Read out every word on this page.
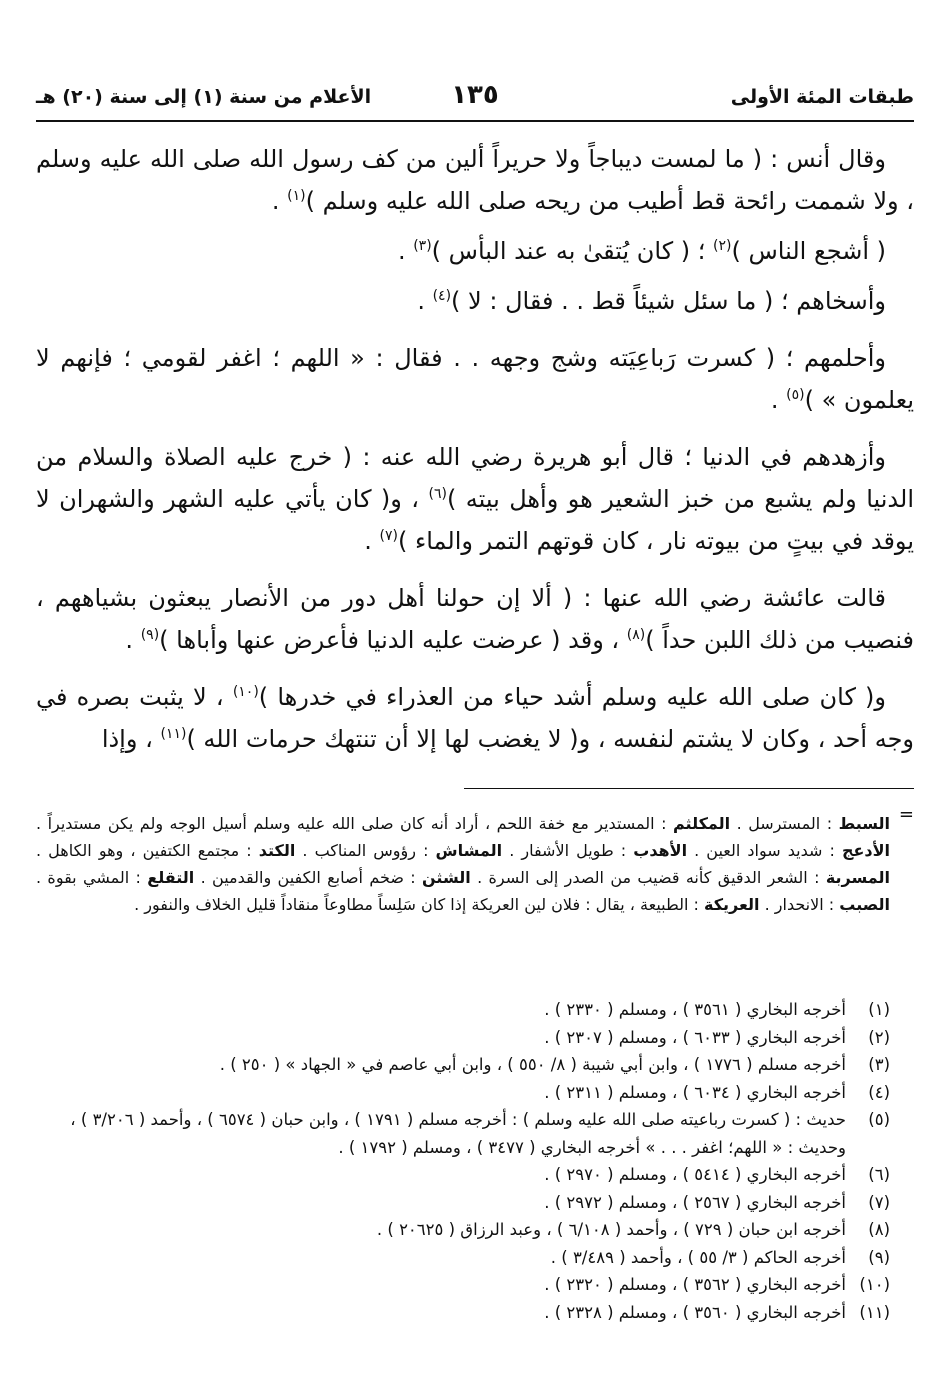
طبقات المئة الأولى
١٣٥
الأعلام من سنة (١) إلى سنة (٢٠) هـ

وقال أنس : ( ما لمست ديباجاً ولا حريراً ألين من كف رسول الله صلى الله عليه وسلم ، ولا شممت رائحة قط أطيب من ريحه صلى الله عليه وسلم )$^{(١)}$ .

( أشجع الناس )$^{(٢)}$ ؛ ( كان يُتقىٰ به عند البأس )$^{(٣)}$ .

وأسخاهم ؛ ( ما سئل شيئاً قط . . فقال : لا )$^{(٤)}$ .

وأحلمهم ؛ ( كسرت رَباعِيَته وشج وجهه . . فقال : « اللهم ؛ اغفر لقومي ؛ فإنهم لا يعلمون » )$^{(٥)}$ .

وأزهدهم في الدنيا ؛ قال أبو هريرة رضي الله عنه : ( خرج عليه الصلاة والسلام من الدنيا ولم يشبع من خبز الشعير هو وأهل بيته )$^{(٦)}$ ، و( كان يأتي عليه الشهر والشهران لا يوقد في بيتٍ من بيوته نار ، كان قوتهم التمر والماء )$^{(٧)}$ .

قالت عائشة رضي الله عنها : ( ألا إن حولنا أهل دور من الأنصار يبعثون بشياههم ، فنصيب من ذلك اللبن حداً )$^{(٨)}$ ، وقد ( عرضت عليه الدنيا فأعرض عنها وأباها )$^{(٩)}$ .

و( كان صلى الله عليه وسلم أشد حياء من العذراء في خدرها )$^{(١٠)}$ ، لا يثبت بصره في وجه أحد ، وكان لا يشتم لنفسه ، و( لا يغضب لها إلا أن تنتهك حرمات الله )$^{(١١)}$ ، وإذا

=
السبط : المسترسل . المكلثم : المستدير مع خفة اللحم ، أراد أنه كان صلى الله عليه وسلم أسيل الوجه ولم يكن مستديراً . الأدعج : شديد سواد العين . الأهدب : طويل الأشفار . المشاش : رؤوس المناكب . الكتد : مجتمع الكتفين ، وهو الكاهل . المسربة : الشعر الدقيق كأنه قضيب من الصدر إلى السرة . الشثن : ضخم أصابع الكفين والقدمين . التقلع : المشي بقوة . الصبب : الانحدار . العريكة : الطبيعة ، يقال : فلان لين العريكة إذا كان سَلِساً مطاوعاً منقاداً قليل الخلاف والنفور .

(١)
أخرجه البخاري ( ٣٥٦١ ) ، ومسلم ( ٢٣٣٠ ) .

(٢)
أخرجه البخاري ( ٦٠٣٣ ) ، ومسلم ( ٢٣٠٧ ) .

(٣)
أخرجه مسلم ( ١٧٧٦ ) ، وابن أبي شيبة ( ٨/ ٥٥٠ ) ، وابن أبي عاصم في « الجهاد » ( ٢٥٠ ) .

(٤)
أخرجه البخاري ( ٦٠٣٤ ) ، ومسلم ( ٢٣١١ ) .

(٥)
حديث : ( كسرت رباعيته صلى الله عليه وسلم ) : أخرجه مسلم ( ١٧٩١ ) ، وابن حبان ( ٦٥٧٤ ) ، وأحمد ( ٣/٢٠٦ ) ، وحديث : « اللهم؛ اغفر . . . » أخرجه البخاري ( ٣٤٧٧ ) ، ومسلم ( ١٧٩٢ ) .

(٦)
أخرجه البخاري ( ٥٤١٤ ) ، ومسلم ( ٢٩٧٠ ) .

(٧)
أخرجه البخاري ( ٢٥٦٧ ) ، ومسلم ( ٢٩٧٢ ) .

(٨)
أخرجه ابن حبان ( ٧٢٩ ) ، وأحمد ( ٦/١٠٨ ) ، وعبد الرزاق ( ٢٠٦٢٥ ) .

(٩)
أخرجه الحاكم ( ٣/ ٥٥ ) ، وأحمد ( ٣/٤٨٩ ) .

(١٠)
أخرجه البخاري ( ٣٥٦٢ ) ، ومسلم ( ٢٣٢٠ ) .

(١١)
أخرجه البخاري ( ٣٥٦٠ ) ، ومسلم ( ٢٣٢٨ ) .
